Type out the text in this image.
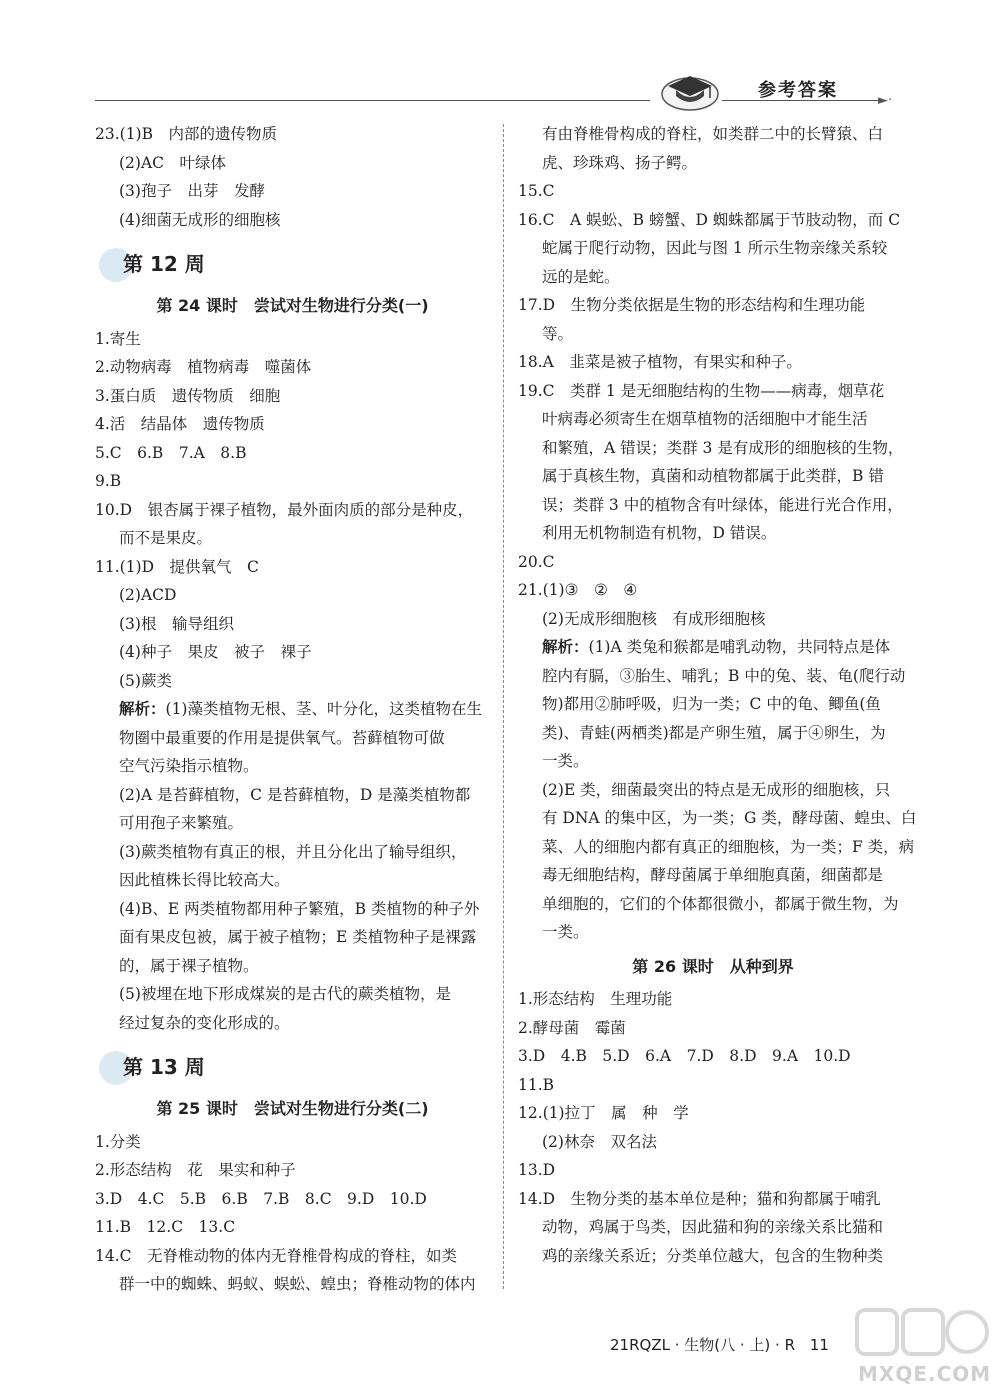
►·
参考答案
23.(1)B　内部的遗传物质
(2)AC　叶绿体
(3)孢子　出芽　发酵
(4)细菌无成形的细胞核
第 12 周
第 24 课时　尝试对生物进行分类(一)
1.寄生
2.动物病毒　植物病毒　噬菌体
3.蛋白质　遗传物质　细胞
4.活　结晶体　遗传物质
5.C　6.B　7.A　8.B
9.B
10.D　银杏属于裸子植物，最外面肉质的部分是种皮，
而不是果皮。
11.(1)D　提供氧气　C
(2)ACD
(3)根　输导组织
(4)种子　果皮　被子　裸子
(5)蕨类
解析：(1)藻类植物无根、茎、叶分化，这类植物在生
物圈中最重要的作用是提供氧气。苔藓植物可做
空气污染指示植物。
(2)A 是苔藓植物，C 是苔藓植物，D 是藻类植物都
可用孢子来繁殖。
(3)蕨类植物有真正的根，并且分化出了输导组织，
因此植株长得比较高大。
(4)B、E 两类植物都用种子繁殖，B 类植物的种子外
面有果皮包被，属于被子植物；E 类植物种子是裸露
的，属于裸子植物。
(5)被埋在地下形成煤炭的是古代的蕨类植物，是
经过复杂的变化形成的。
第 13 周
第 25 课时　尝试对生物进行分类(二)
1.分类
2.形态结构　花　果实和种子
3.D　4.C　5.B　6.B　7.B　8.C　9.D　10.D
11.B　12.C　13.C
14.C　无脊椎动物的体内无脊椎骨构成的脊柱，如类
群一中的蜘蛛、蚂蚁、蜈蚣、蝗虫；脊椎动物的体内
有由脊椎骨构成的脊柱，如类群二中的长臂猿、白
虎、珍珠鸡、扬子鳄。
15.C
16.C　A 蜈蚣、B 螃蟹、D 蜘蛛都属于节肢动物，而 C
蛇属于爬行动物，因此与图 1 所示生物亲缘关系较
远的是蛇。
17.D　生物分类依据是生物的形态结构和生理功能
等。
18.A　韭菜是被子植物，有果实和种子。
19.C　类群 1 是无细胞结构的生物——病毒，烟草花
叶病毒必须寄生在烟草植物的活细胞中才能生活
和繁殖，A 错误；类群 3 是有成形的细胞核的生物，
属于真核生物，真菌和动植物都属于此类群，B 错
误；类群 3 中的植物含有叶绿体，能进行光合作用，
利用无机物制造有机物，D 错误。
20.C
21.(1)③　②　④
(2)无成形细胞核　有成形细胞核
解析：(1)A 类兔和猴都是哺乳动物，共同特点是体
腔内有膈，③胎生、哺乳；B 中的兔、装、龟(爬行动
物)都用②肺呼吸，归为一类；C 中的龟、鲫鱼(鱼
类)、青蛙(两栖类)都是产卵生殖，属于④卵生，为
一类。
(2)E 类，细菌最突出的特点是无成形的细胞核，只
有 DNA 的集中区，为一类；G 类，酵母菌、蝗虫、白
菜、人的细胞内都有真正的细胞核，为一类；F 类，病
毒无细胞结构，酵母菌属于单细胞真菌，细菌都是
单细胞的，它们的个体都很微小，都属于微生物，为
一类。
第 26 课时　从种到界
1.形态结构　生理功能
2.酵母菌　霉菌
3.D　4.B　5.D　6.A　7.D　8.D　9.A　10.D
11.B
12.(1)拉丁　属　种　学
(2)林奈　双名法
13.D
14.D　生物分类的基本单位是种；猫和狗都属于哺乳
动物，鸡属于鸟类，因此猫和狗的亲缘关系比猫和
鸡的亲缘关系近；分类单位越大，包含的生物种类
21RQZL · 生物(八 · 上) · R 11
MXQE.COM
